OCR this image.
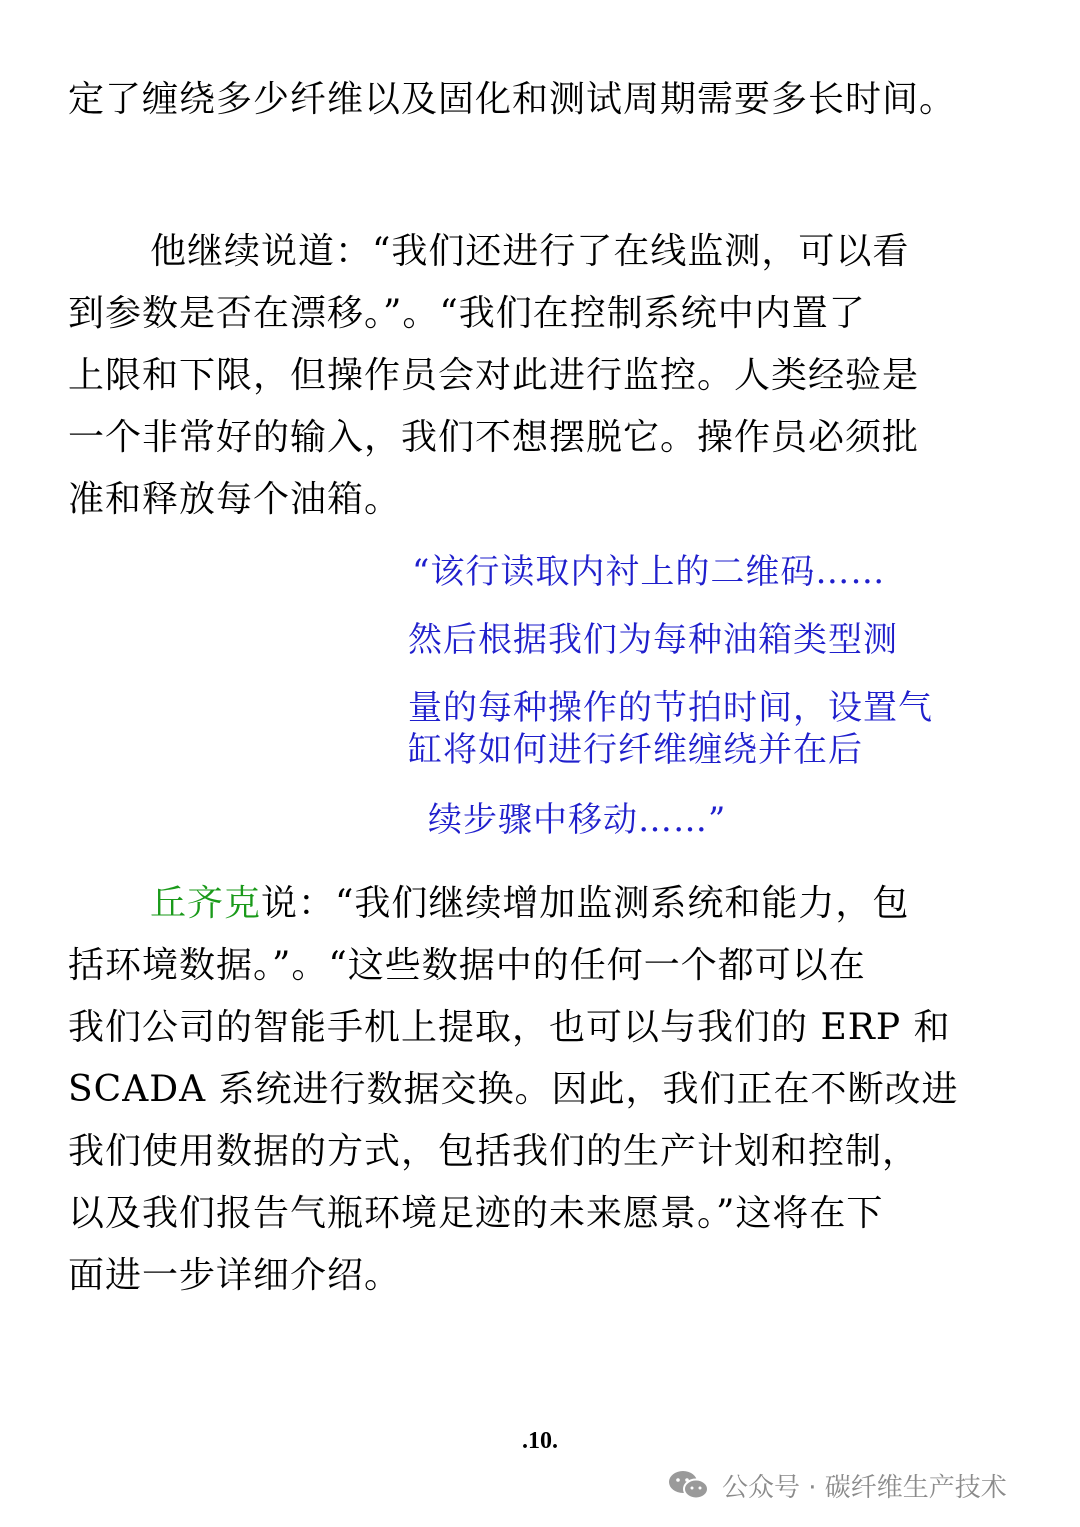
定了缠绕多少纤维以及固化和测试周期需要多长时间。
他继续说道：“我们还进行了在线监测，可以看
到参数是否在漂移。”。“我们在控制系统中内置了
上限和下限，但操作员会对此进行监控。人类经验是
一个非常好的输入，我们不想摆脱它。操作员必须批
准和释放每个油箱。
“该行读取内衬上的二维码……
然后根据我们为每种油箱类型测
量的每种操作的节拍时间，设置气
缸将如何进行纤维缠绕并在后
续步骤中移动……”
丘齐克说：“我们继续增加监测系统和能力，包
括环境数据。”。“这些数据中的任何一个都可以在
我们公司的智能手机上提取，也可以与我们的 ERP 和
SCADA 系统进行数据交换。因此，我们正在不断改进
我们使用数据的方式，包括我们的生产计划和控制，
以及我们报告气瓶环境足迹的未来愿景。”这将在下
面进一步详细介绍。
.10.
公众号 · 碳纤维生产技术
